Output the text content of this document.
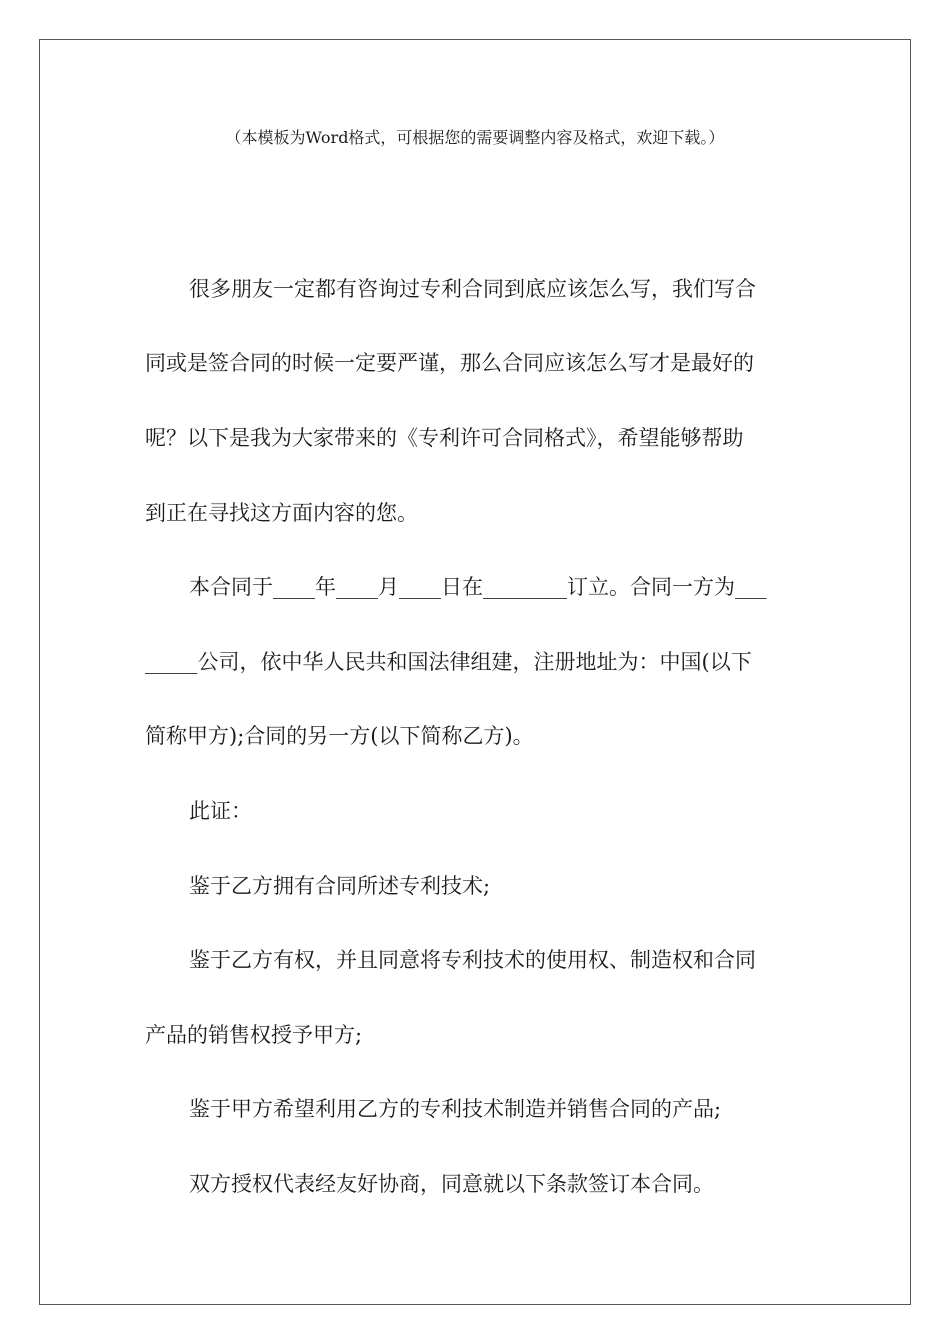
（本模板为Word格式，可根据您的需要调整内容及格式，欢迎下载。）
很多朋友一定都有咨询过专利合同到底应该怎么写，我们写合
同或是签合同的时候一定要严谨，那么合同应该怎么写才是最好的
呢？以下是我为大家带来的《专利许可合同格式》，希望能够帮助
到正在寻找这方面内容的您。
本合同于____年____月____日在________订立。合同一方为___
_____公司，依中华人民共和国法律组建，注册地址为：中国(以下
简称甲方);合同的另一方(以下简称乙方)。
此证：
鉴于乙方拥有合同所述专利技术;
鉴于乙方有权，并且同意将专利技术的使用权、制造权和合同
产品的销售权授予甲方;
鉴于甲方希望利用乙方的专利技术制造并销售合同的产品;
双方授权代表经友好协商，同意就以下条款签订本合同。
